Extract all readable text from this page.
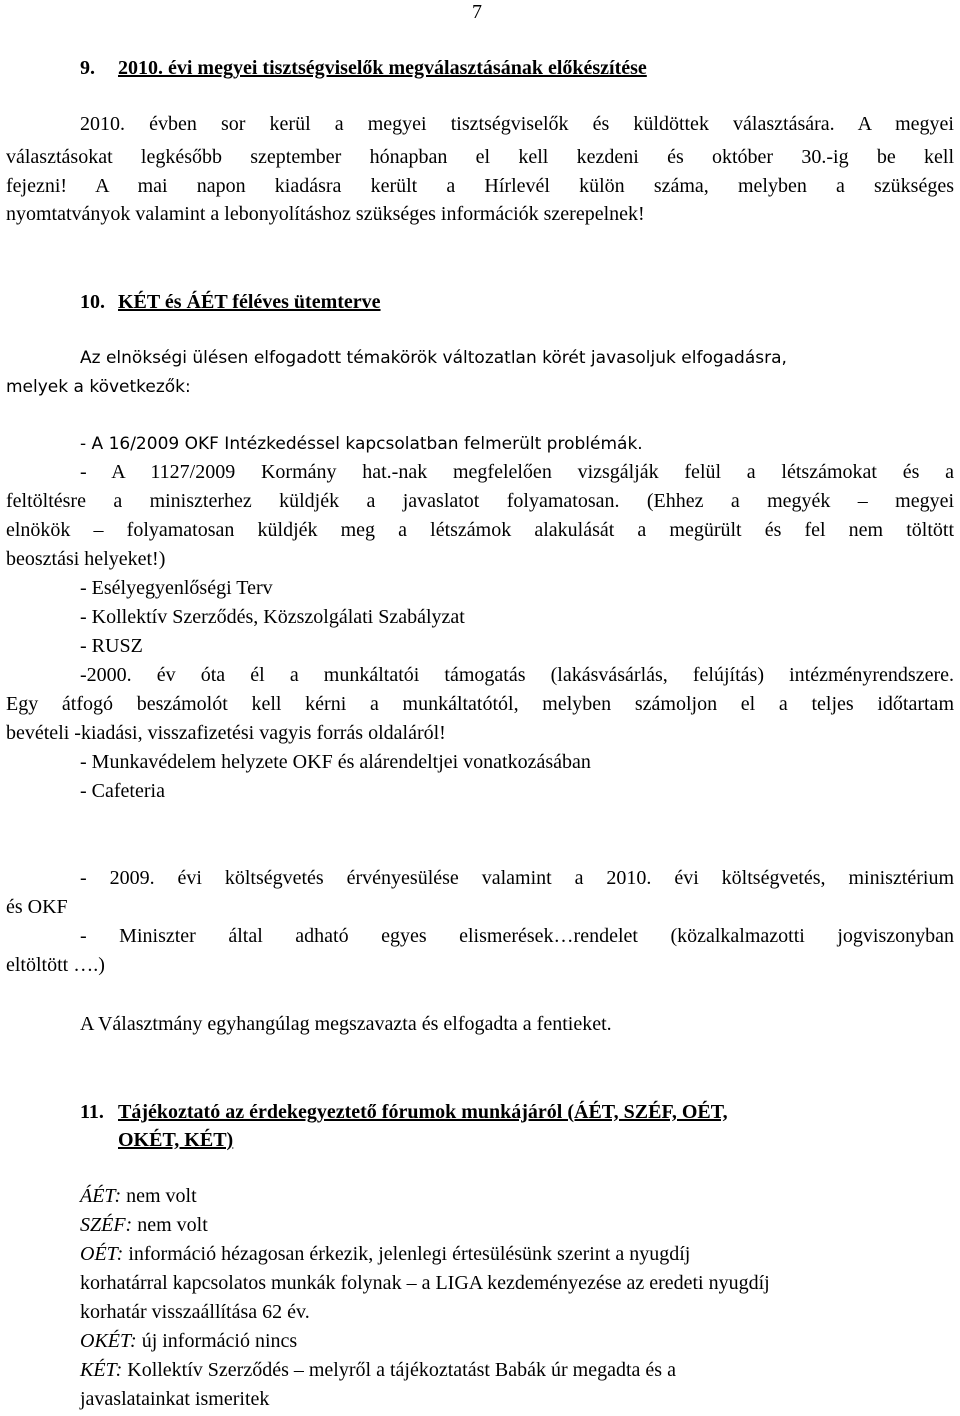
7
9. 2010. évi megyei tisztségviselők megválasztásának előkészítése
2010. évben sor kerül a megyei tisztségviselők és küldöttek választására. A megyei
választásokat legkésőbb szeptember hónapban el kell kezdeni és október 30.-ig be kell
fejezni! A mai napon kiadásra került a Hírlevél külön száma, melyben a szükséges
nyomtatványok valamint a lebonyolításhoz szükséges információk szerepelnek!
10. KÉT és ÁÉT féléves ütemterve
Az elnökségi ülésen elfogadott témakörök változatlan körét javasoljuk elfogadásra,
melyek a következők:
- A 16/2009 OKF Intézkedéssel kapcsolatban felmerült problémák.
- A 1127/2009 Kormány hat.-nak megfelelően vizsgálják felül a létszámokat és a
feltöltésre a miniszterhez küldjék a javaslatot folyamatosan. (Ehhez a megyék – megyei
elnökök – folyamatosan küldjék meg a létszámok alakulását a megürült és fel nem töltött
beosztási helyeket!)
- Esélyegyenlőségi Terv
- Kollektív Szerződés, Közszolgálati Szabályzat
- RUSZ
-2000. év óta él a munkáltatói támogatás (lakásvásárlás, felújítás) intézményrendszere.
Egy átfogó beszámolót kell kérni a munkáltatótól, melyben számoljon el a teljes időtartam
bevételi -kiadási, visszafizetési vagyis forrás oldaláról!
- Munkavédelem helyzete OKF és alárendeltjei vonatkozásában
- Cafeteria
- 2009. évi költségvetés érvényesülése valamint a 2010. évi költségvetés, minisztérium
és OKF
- Miniszter által adható egyes elismerések…rendelet (közalkalmazotti jogviszonyban
eltöltött ….)
A Választmány egyhangúlag megszavazta és elfogadta a fentieket.
11. Tájékoztató az érdekegyeztető fórumok munkájáról (ÁÉT, SZÉF, OÉT,
OKÉT, KÉT)
ÁÉT: nem volt
SZÉF: nem volt
OÉT: információ hézagosan érkezik, jelenlegi értesülésünk szerint a nyugdíj
korhatárral kapcsolatos munkák folynak – a LIGA kezdeményezése az eredeti nyugdíj
korhatár visszaállítása 62 év.
OKÉT: új információ nincs
KÉT: Kollektív Szerződés – melyről a tájékoztatást Babák úr megadta és a
javaslatainkat ismeritek
